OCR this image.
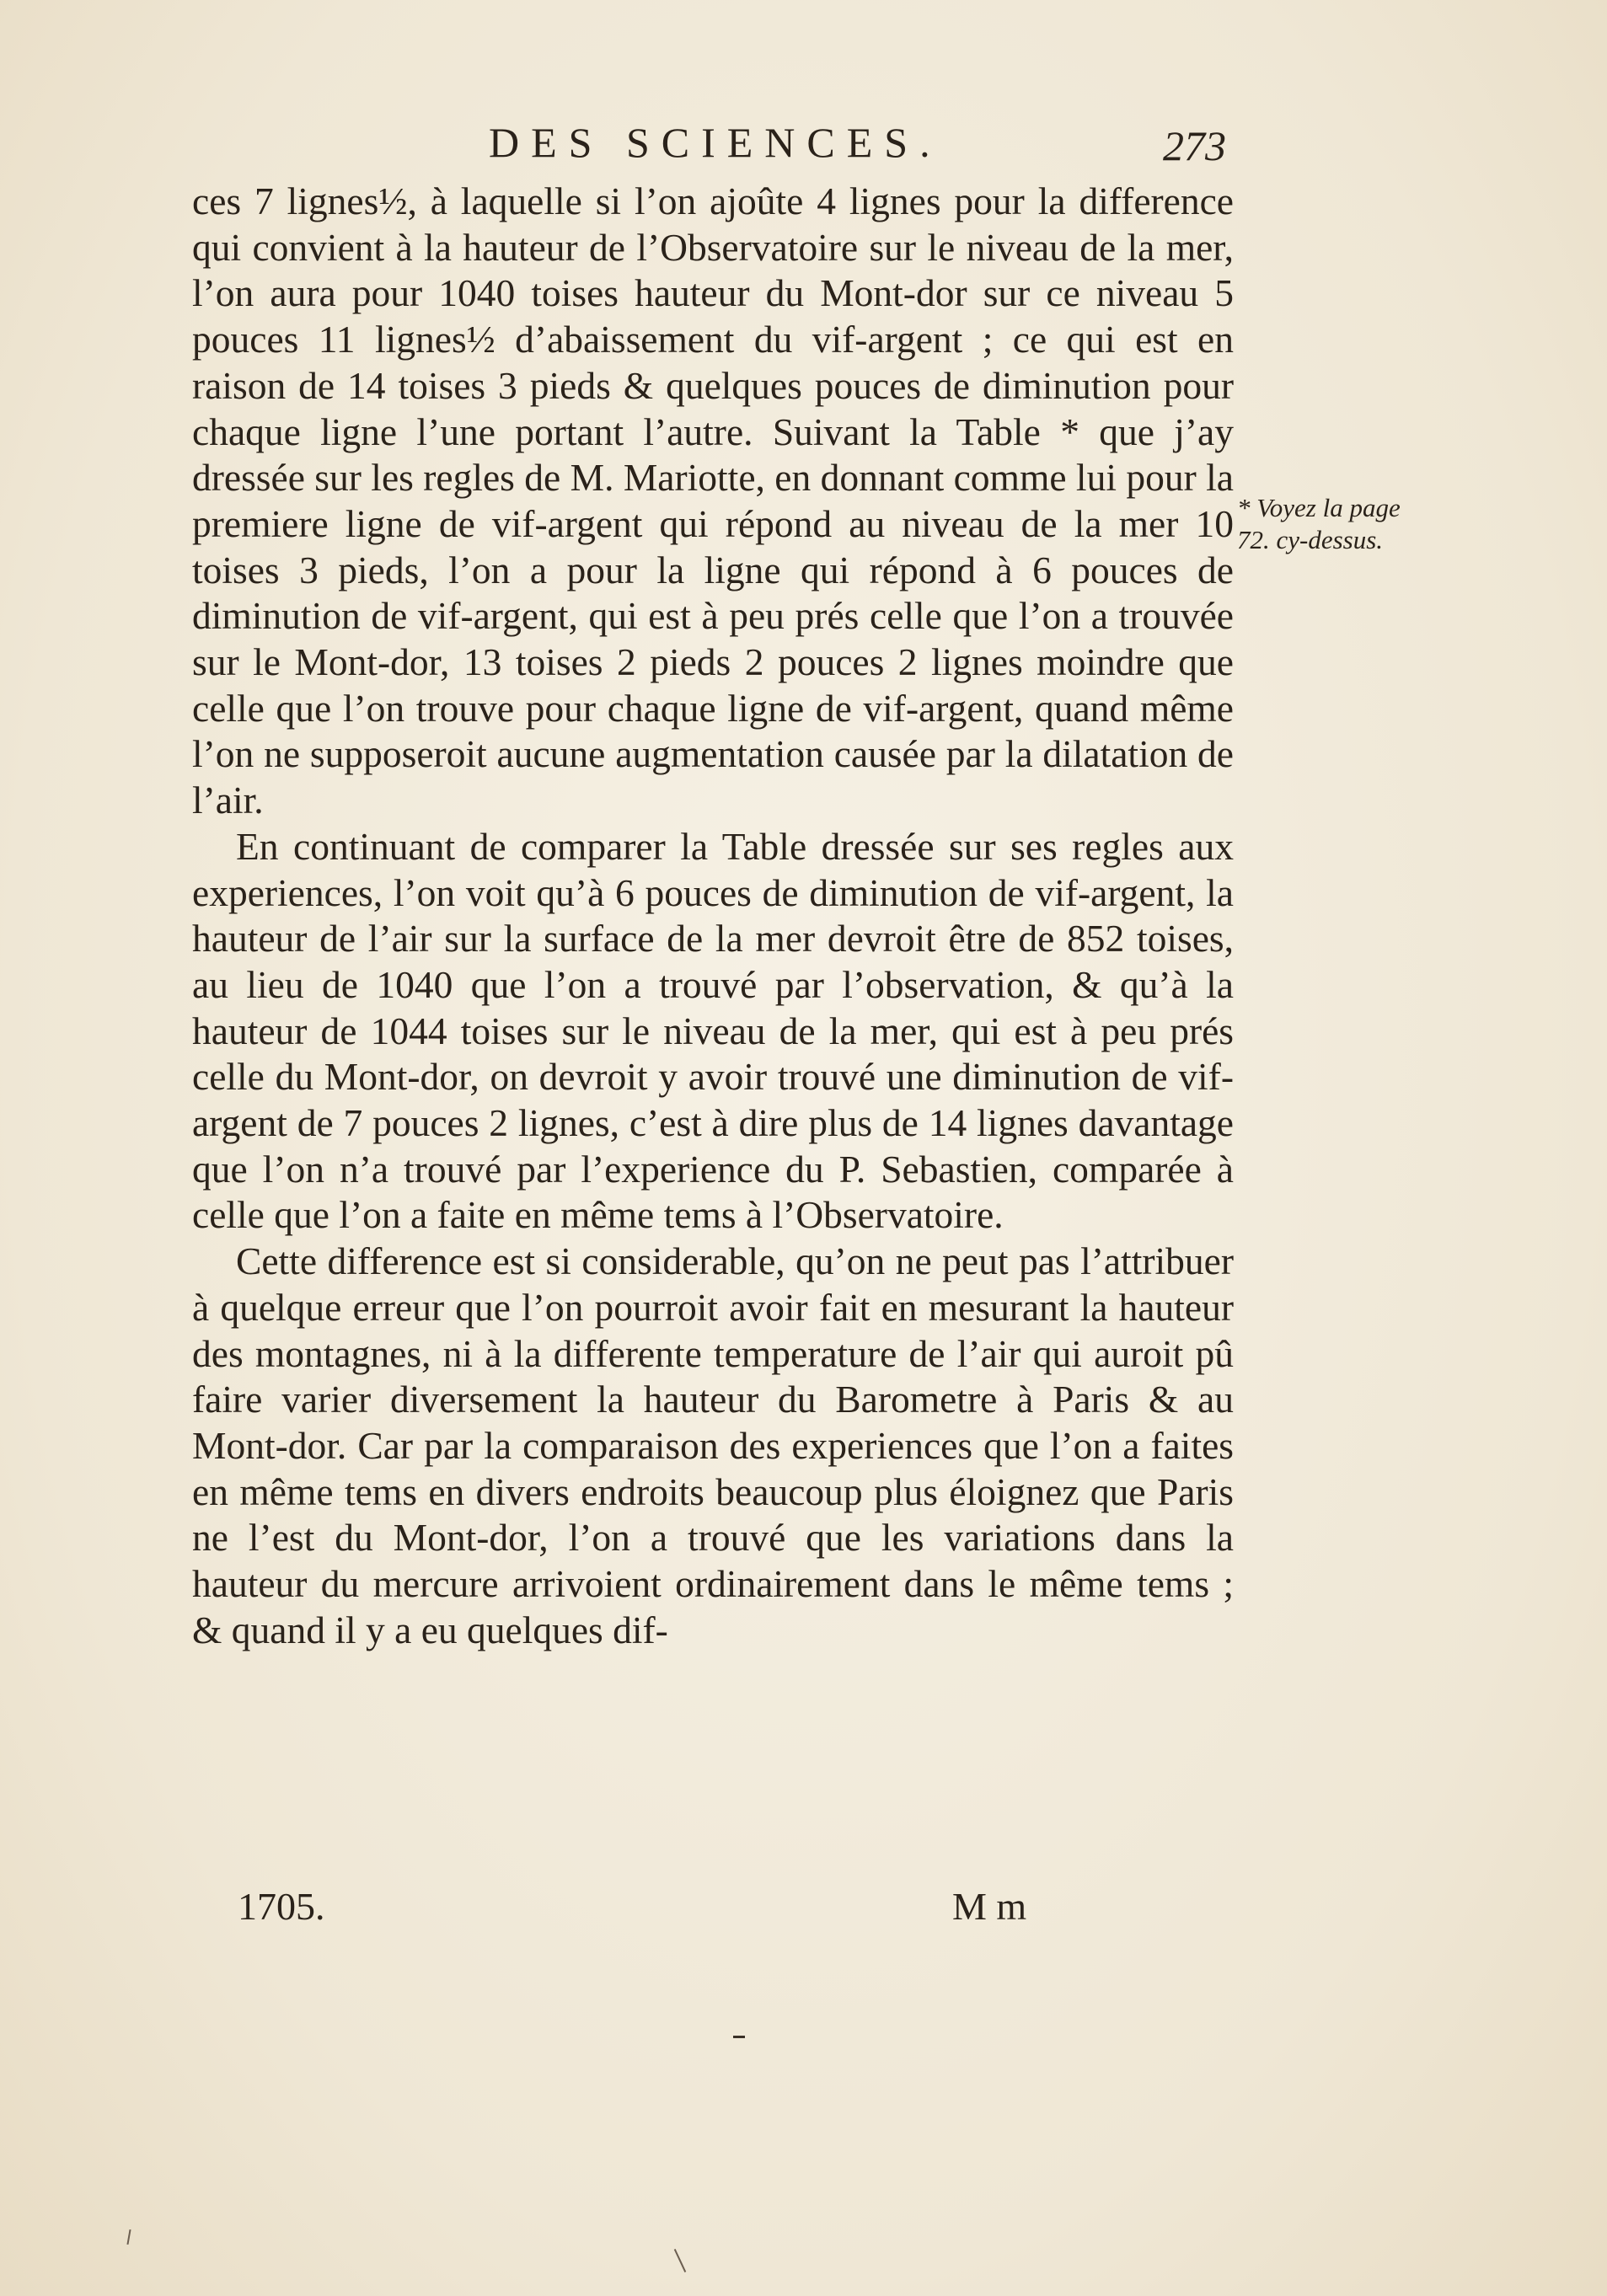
DES SCIENCES.	273

ces 7 lignes½, à laquelle si l’on ajoûte 4 lignes pour la difference qui convient à la hauteur de l’Observatoire sur le niveau de la mer, l’on aura pour 1040 toises hauteur du Mont-dor sur ce niveau 5 pouces 11 lignes½ d’abaissement du vif-argent ; ce qui est en raison de 14 toises 3 pieds & quelques pouces de diminution pour chaque ligne l’une portant l’autre. Suivant la Table * que j’ay dressée sur les regles de M. Mariotte, en donnant comme lui pour la premiere ligne de vif-argent qui répond au niveau de la mer 10 toises 3 pieds, l’on a pour la ligne qui répond à 6 pouces de diminution de vif-argent, qui est à peu prés celle que l’on a trouvée sur le Mont-dor, 13 toises 2 pieds 2 pouces 2 lignes moindre que celle que l’on trouve pour chaque ligne de vif-argent, quand même l’on ne supposeroit aucune augmentation causée par la dilatation de l’air.

En continuant de comparer la Table dressée sur ses regles aux experiences, l’on voit qu’à 6 pouces de diminution de vif-argent, la hauteur de l’air sur la surface de la mer devroit être de 852 toises, au lieu de 1040 que l’on a trouvé par l’observation, & qu’à la hauteur de 1044 toises sur le niveau de la mer, qui est à peu prés celle du Mont-dor, on devroit y avoir trouvé une diminution de vif-argent de 7 pouces 2 lignes, c’est à dire plus de 14 lignes davantage que l’on n’a trouvé par l’experience du P. Sebastien, comparée à celle que l’on a faite en même tems à l’Observatoire.

Cette difference est si considerable, qu’on ne peut pas l’attribuer à quelque erreur que l’on pourroit avoir fait en mesurant la hauteur des montagnes, ni à la differente temperature de l’air qui auroit pû faire varier diversement la hauteur du Barometre à Paris & au Mont-dor. Car par la comparaison des experiences que l’on a faites en même tems en divers endroits beaucoup plus éloignez que Paris ne l’est du Mont-dor, l’on a trouvé que les variations dans la hauteur du mercure arrivoient ordinairement dans le même tems ; & quand il y a eu quelques dif-

* Voyez la page 72. cy-dessus.
1705.	M m
